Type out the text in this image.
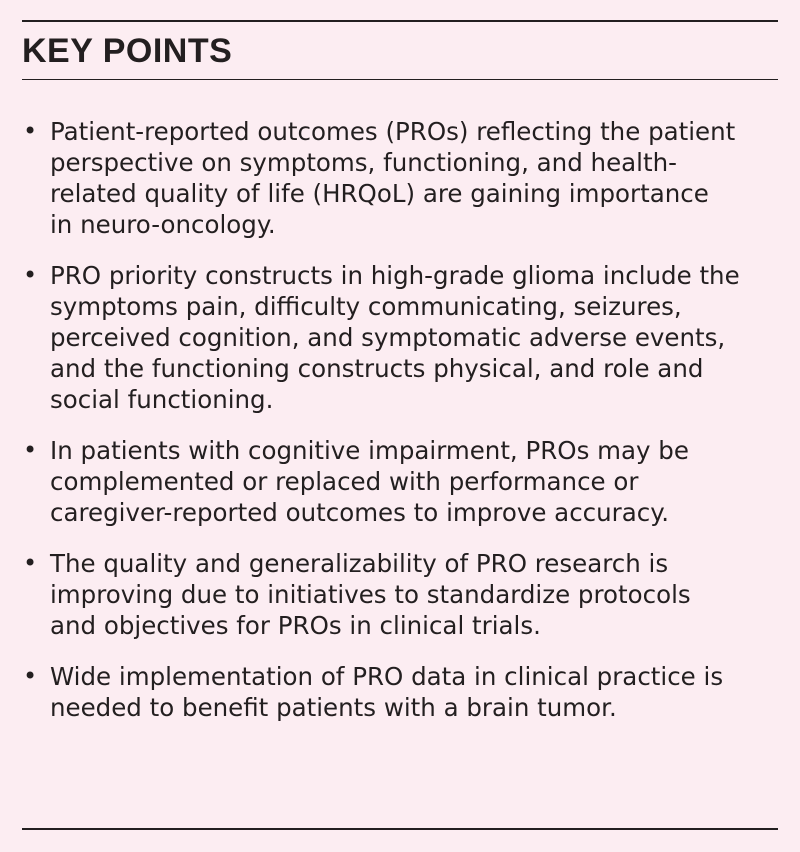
KEY POINTS
• Patient-reported outcomes (PROs) reflecting the patient
perspective on symptoms, functioning, and health-
related quality of life (HRQoL) are gaining importance
in neuro-oncology.
• PRO priority constructs in high-grade glioma include the
symptoms pain, difficulty communicating, seizures,
perceived cognition, and symptomatic adverse events,
and the functioning constructs physical, and role and
social functioning.
• In patients with cognitive impairment, PROs may be
complemented or replaced with performance or
caregiver-reported outcomes to improve accuracy.
• The quality and generalizability of PRO research is
improving due to initiatives to standardize protocols
and objectives for PROs in clinical trials.
• Wide implementation of PRO data in clinical practice is
needed to benefit patients with a brain tumor.
